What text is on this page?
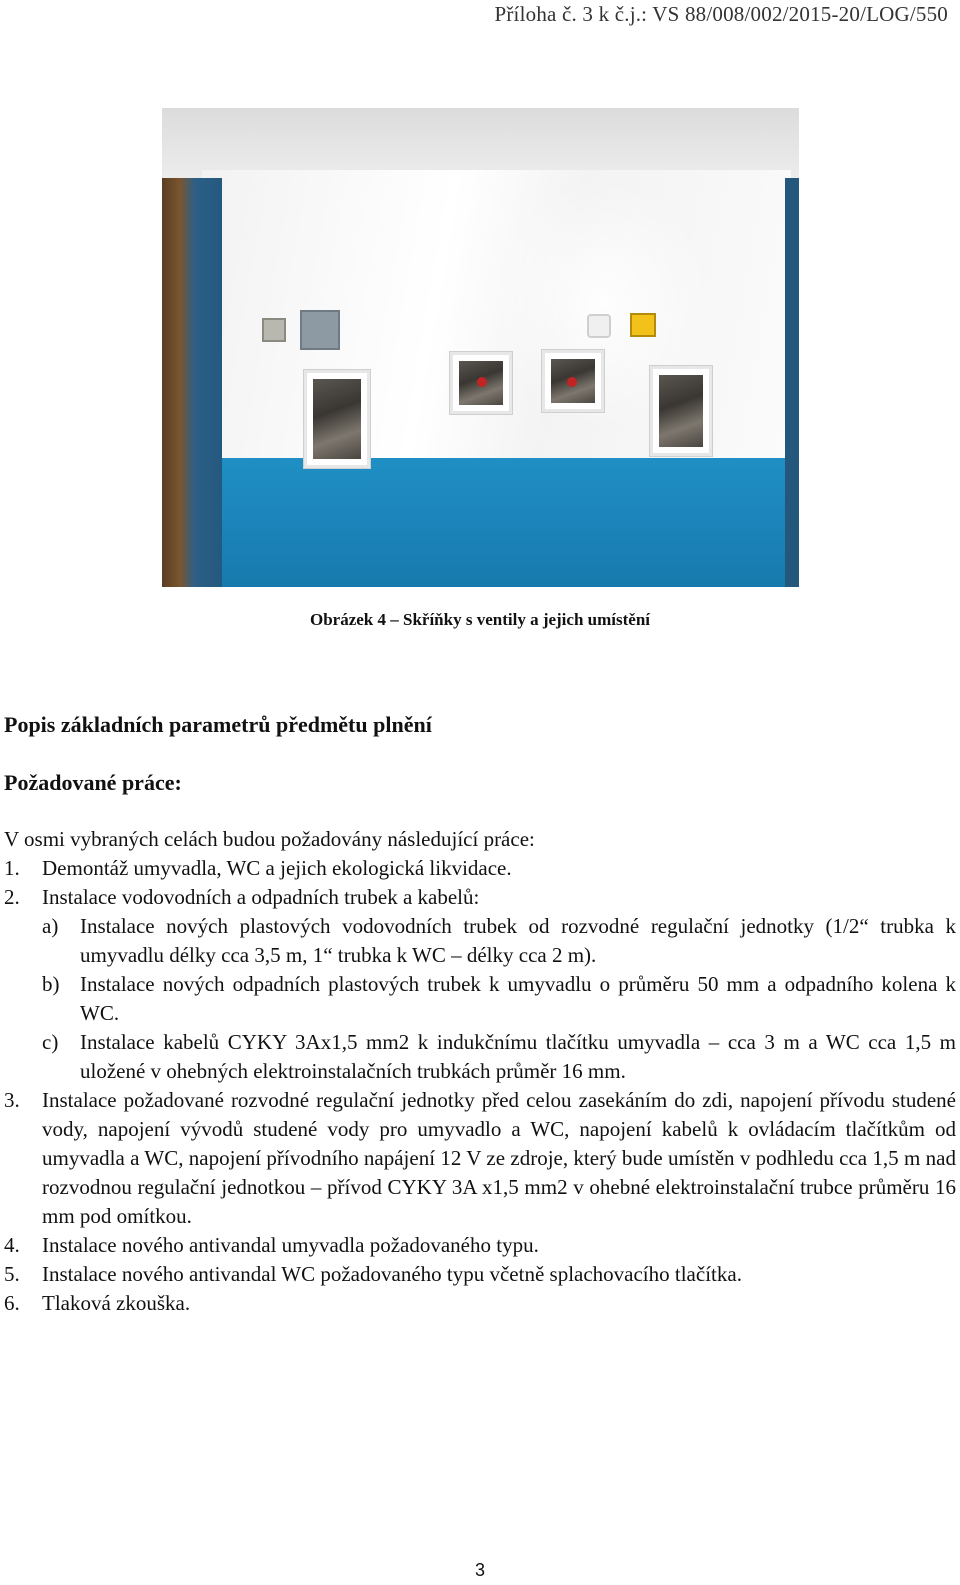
Příloha č. 3 k č.j.: VS 88/008/002/2015-20/LOG/550
Obrázek 4 – Skříňky s ventily a jejich umístění
Popis základních parametrů předmětu plnění
Požadované práce:

V osmi vybraných celách budou požadovány následující práce:

1. Demontáž umyvadla, WC a jejich ekologická likvidace.
2. Instalace vodovodních a odpadních trubek a kabelů:
a) Instalace nových plastových vodovodních trubek od rozvodné regulační jednotky (1/2“ trubka k umyvadlu délky cca 3,5 m, 1“ trubka k WC – délky cca 2 m).
b) Instalace nových odpadních plastových trubek k umyvadlu o průměru 50 mm a odpadního kolena k WC.
c) Instalace kabelů CYKY 3Ax1,5 mm2 k indukčnímu tlačítku umyvadla – cca 3 m a WC cca 1,5 m uložené v ohebných elektroinstalačních trubkách průměr 16 mm.
3. Instalace požadované rozvodné regulační jednotky před celou zasekáním do zdi, napojení přívodu studené vody, napojení vývodů studené vody pro umyvadlo a WC, napojení kabelů k ovládacím tlačítkům od umyvadla a WC, napojení přívodního napájení 12 V ze zdroje, který bude umístěn v podhledu cca 1,5 m nad rozvodnou regulační jednotkou – přívod CYKY 3A x1,5 mm2 v ohebné elektroinstalační trubce průměru 16 mm pod omítkou.
4. Instalace nového antivandal umyvadla požadovaného typu.
5. Instalace nového antivandal WC požadovaného typu včetně splachovacího tlačítka.
6. Tlaková zkouška.
3
